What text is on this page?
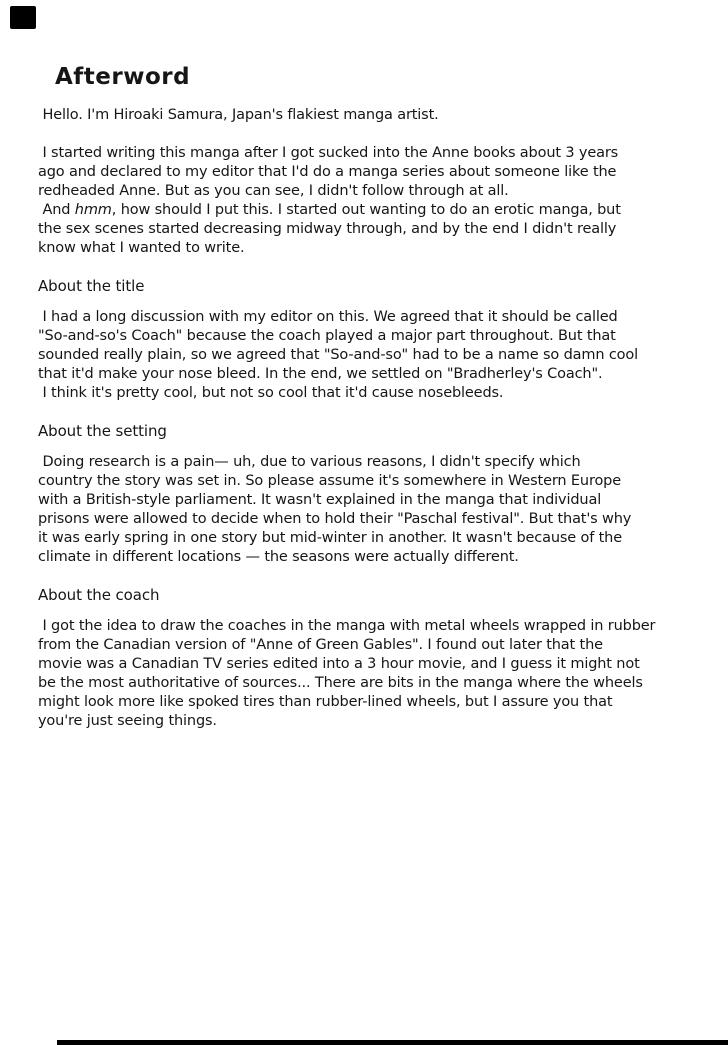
Afterword
Hello. I'm Hiroaki Samura, Japan's flakiest manga artist.
I started writing this manga after I got sucked into the Anne books about 3 years
ago and declared to my editor that I'd do a manga series about someone like the
redheaded Anne. But as you can see, I didn't follow through at all.
And hmm, how should I put this. I started out wanting to do an erotic manga, but
the sex scenes started decreasing midway through, and by the end I didn't really
know what I wanted to write.
About the title
I had a long discussion with my editor on this. We agreed that it should be called
"So-and-so's Coach" because the coach played a major part throughout. But that
sounded really plain, so we agreed that "So-and-so" had to be a name so damn cool
that it'd make your nose bleed. In the end, we settled on "Bradherley's Coach".
I think it's pretty cool, but not so cool that it'd cause nosebleeds.
About the setting
Doing research is a pain— uh, due to various reasons, I didn't specify which
country the story was set in. So please assume it's somewhere in Western Europe
with a British-style parliament. It wasn't explained in the manga that individual
prisons were allowed to decide when to hold their "Paschal festival". But that's why
it was early spring in one story but mid-winter in another. It wasn't because of the
climate in different locations — the seasons were actually different.
About the coach
I got the idea to draw the coaches in the manga with metal wheels wrapped in rubber
from the Canadian version of "Anne of Green Gables". I found out later that the
movie was a Canadian TV series edited into a 3 hour movie, and I guess it might not
be the most authoritative of sources... There are bits in the manga where the wheels
might look more like spoked tires than rubber-lined wheels, but I assure you that
you're just seeing things.
